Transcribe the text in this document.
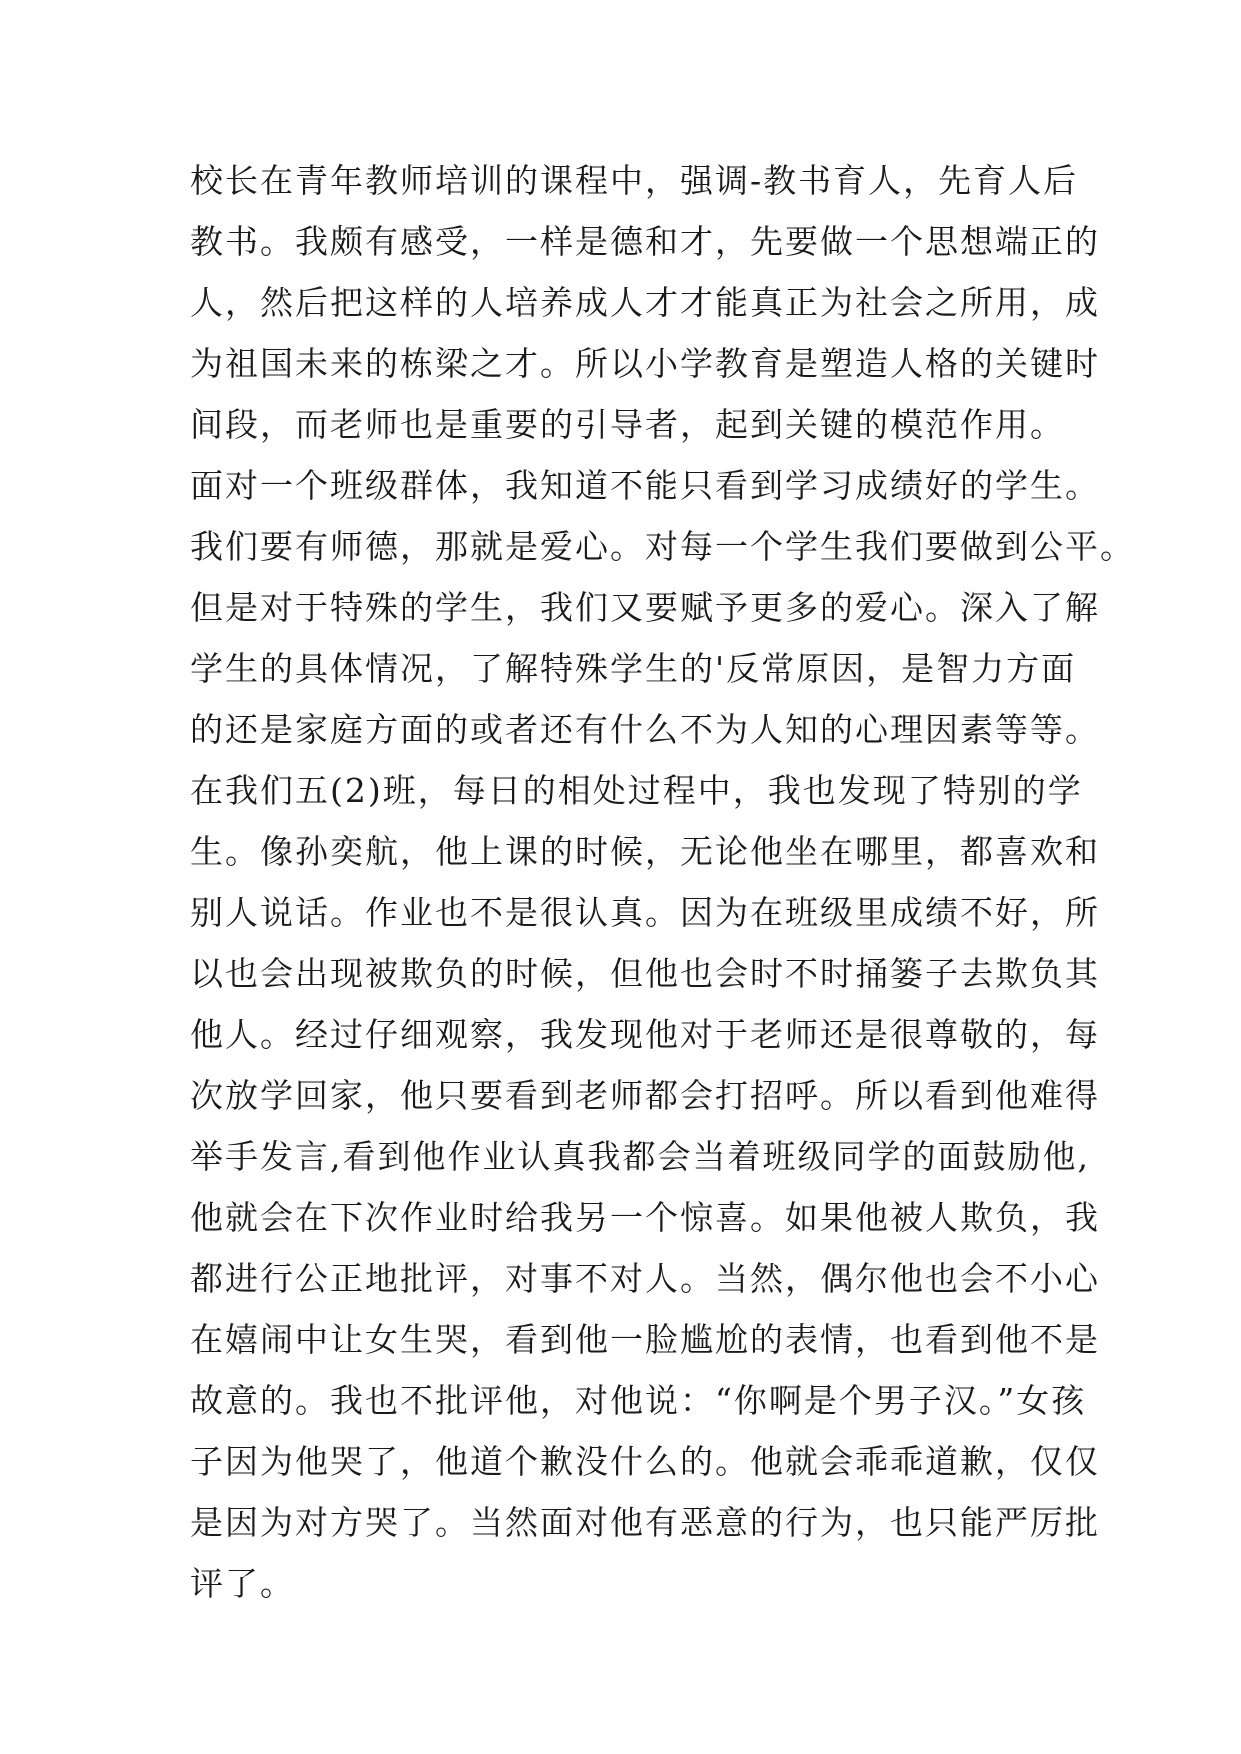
校长在青年教师培训的课程中，强调-教书育人，先育人后
教书。我颇有感受，一样是德和才，先要做一个思想端正的
人，然后把这样的人培养成人才才能真正为社会之所用，成
为祖国未来的栋梁之才。所以小学教育是塑造人格的关键时
间段，而老师也是重要的引导者，起到关键的模范作用。
面对一个班级群体，我知道不能只看到学习成绩好的学生。
我们要有师德，那就是爱心。对每一个学生我们要做到公平。
但是对于特殊的学生，我们又要赋予更多的爱心。深入了解
学生的具体情况，了解特殊学生的'反常原因，是智力方面
的还是家庭方面的或者还有什么不为人知的心理因素等等。
在我们五(2)班，每日的相处过程中，我也发现了特别的学
生。像孙奕航，他上课的时候，无论他坐在哪里，都喜欢和
别人说话。作业也不是很认真。因为在班级里成绩不好，所
以也会出现被欺负的时候，但他也会时不时捅篓子去欺负其
他人。经过仔细观察，我发现他对于老师还是很尊敬的，每
次放学回家，他只要看到老师都会打招呼。所以看到他难得
举手发言,看到他作业认真我都会当着班级同学的面鼓励他,
他就会在下次作业时给我另一个惊喜。如果他被人欺负，我
都进行公正地批评，对事不对人。当然，偶尔他也会不小心
在嬉闹中让女生哭，看到他一脸尴尬的表情，也看到他不是
故意的。我也不批评他，对他说：“你啊是个男子汉。”女孩
子因为他哭了，他道个歉没什么的。他就会乖乖道歉，仅仅
是因为对方哭了。当然面对他有恶意的行为，也只能严厉批
评了。
